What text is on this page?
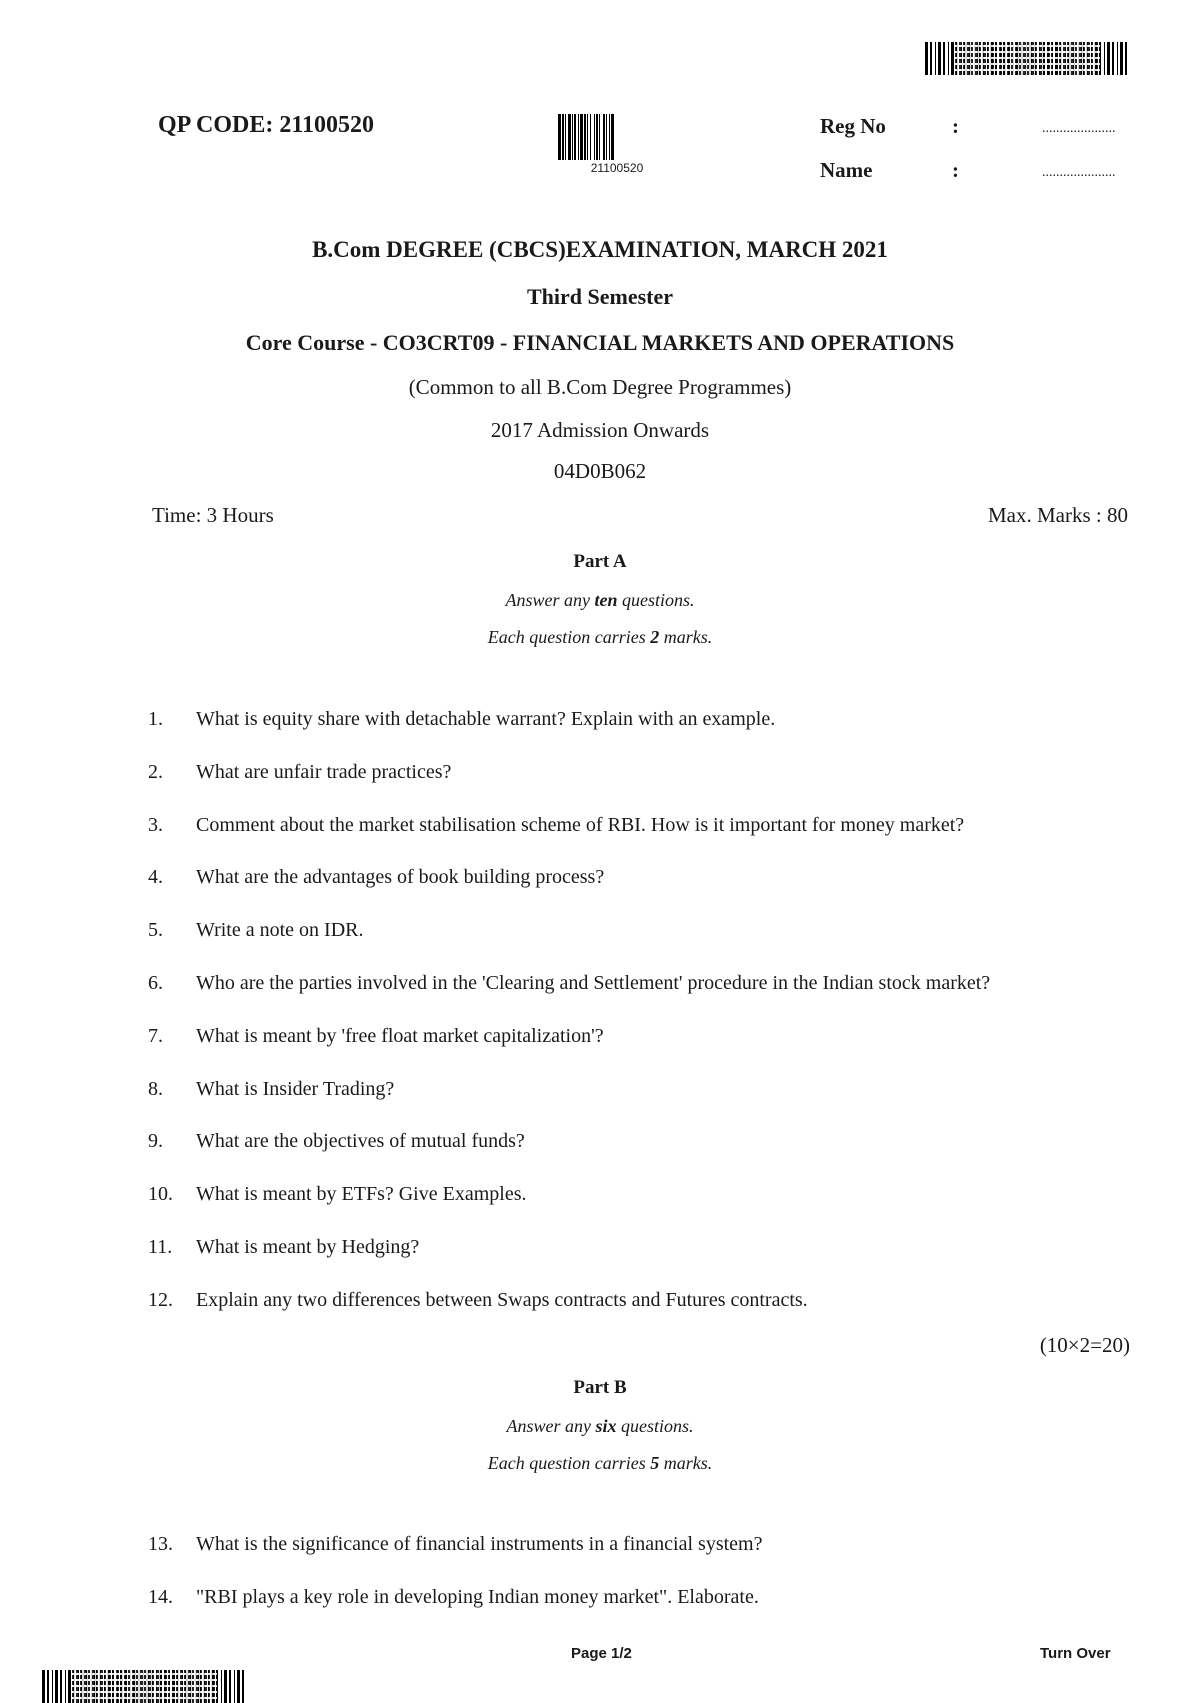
QP CODE: 21100520
21100520
Reg No	:	.....................
Name	:	.....................
B.Com DEGREE (CBCS)EXAMINATION, MARCH 2021
Third Semester
Core Course - CO3CRT09 - FINANCIAL MARKETS AND OPERATIONS
(Common to all B.Com Degree Programmes)
2017 Admission Onwards
04D0B062
Time: 3 Hours	Max. Marks : 80
Part A
Answer any ten questions.
Each question carries 2 marks.
1. What is equity share with detachable warrant? Explain with an example.
2. What are unfair trade practices?
3. Comment about the market stabilisation scheme of RBI. How is it important for money market?
4. What are the advantages of book building process?
5. Write a note on IDR.
6. Who are the parties involved in the 'Clearing and Settlement' procedure in the Indian stock market?
7. What is meant by 'free float market capitalization'?
8. What is Insider Trading?
9. What are the objectives of mutual funds?
10. What is meant by ETFs? Give Examples.
11. What is meant by Hedging?
12. Explain any two differences between Swaps contracts and Futures contracts.
(10×2=20)
Part B
Answer any six questions.
Each question carries 5 marks.
13. What is the significance of financial instruments in a financial system?
14. "RBI plays a key role in developing Indian money market". Elaborate.
Page 1/2	Turn Over
